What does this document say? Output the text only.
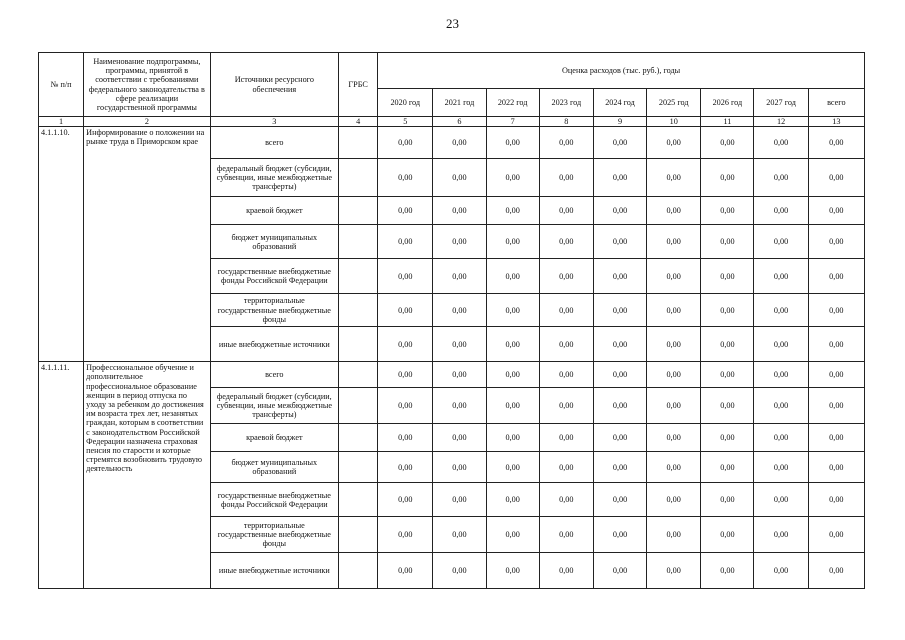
23
№ п/п	Наименование подпрограммы, программы, принятой в соответствии с требованиями федерального законодательства в сфере реализации государственной программы	Источники ресурсного обеспечения	ГРБС	Оценка расходов (тыс. руб.), годы								
				2020 год	2021 год	2022 год	2023 год	2024 год	2025 год	2026 год	2027 год	всего
1	2	3	4	5	6	7	8	9	10	11	12	13
4.1.1.10.	Информирование о положении на рынке труда в Приморском крае	всего		0,00	0,00	0,00	0,00	0,00	0,00	0,00	0,00	0,00
		федеральный бюджет (субсидии, субвенции, иные межбюджетные трансферты)		0,00	0,00	0,00	0,00	0,00	0,00	0,00	0,00	0,00
		краевой бюджет		0,00	0,00	0,00	0,00	0,00	0,00	0,00	0,00	0,00
		бюджет муниципальных образований		0,00	0,00	0,00	0,00	0,00	0,00	0,00	0,00	0,00
		государственные внебюджетные фонды Российской Федерации		0,00	0,00	0,00	0,00	0,00	0,00	0,00	0,00	0,00
		территориальные государственные внебюджетные фонды		0,00	0,00	0,00	0,00	0,00	0,00	0,00	0,00	0,00
		иные внебюджетные источники		0,00	0,00	0,00	0,00	0,00	0,00	0,00	0,00	0,00
4.1.1.11.	Профессиональное обучение и дополнительное профессиональное образование женщин в период отпуска по уходу за ребенком до достижения им возраста трех лет, незанятых граждан, которым в соответствии с законодательством Российской Федерации назначена страховая пенсия по старости и которые стремятся возобновить трудовую деятельность	всего		0,00	0,00	0,00	0,00	0,00	0,00	0,00	0,00	0,00
		федеральный бюджет (субсидии, субвенции, иные межбюджетные трансферты)		0,00	0,00	0,00	0,00	0,00	0,00	0,00	0,00	0,00
		краевой бюджет		0,00	0,00	0,00	0,00	0,00	0,00	0,00	0,00	0,00
		бюджет муниципальных образований		0,00	0,00	0,00	0,00	0,00	0,00	0,00	0,00	0,00
		государственные внебюджетные фонды Российской Федерации		0,00	0,00	0,00	0,00	0,00	0,00	0,00	0,00	0,00
		территориальные государственные внебюджетные фонды		0,00	0,00	0,00	0,00	0,00	0,00	0,00	0,00	0,00
		иные внебюджетные источники		0,00	0,00	0,00	0,00	0,00	0,00	0,00	0,00	0,00
